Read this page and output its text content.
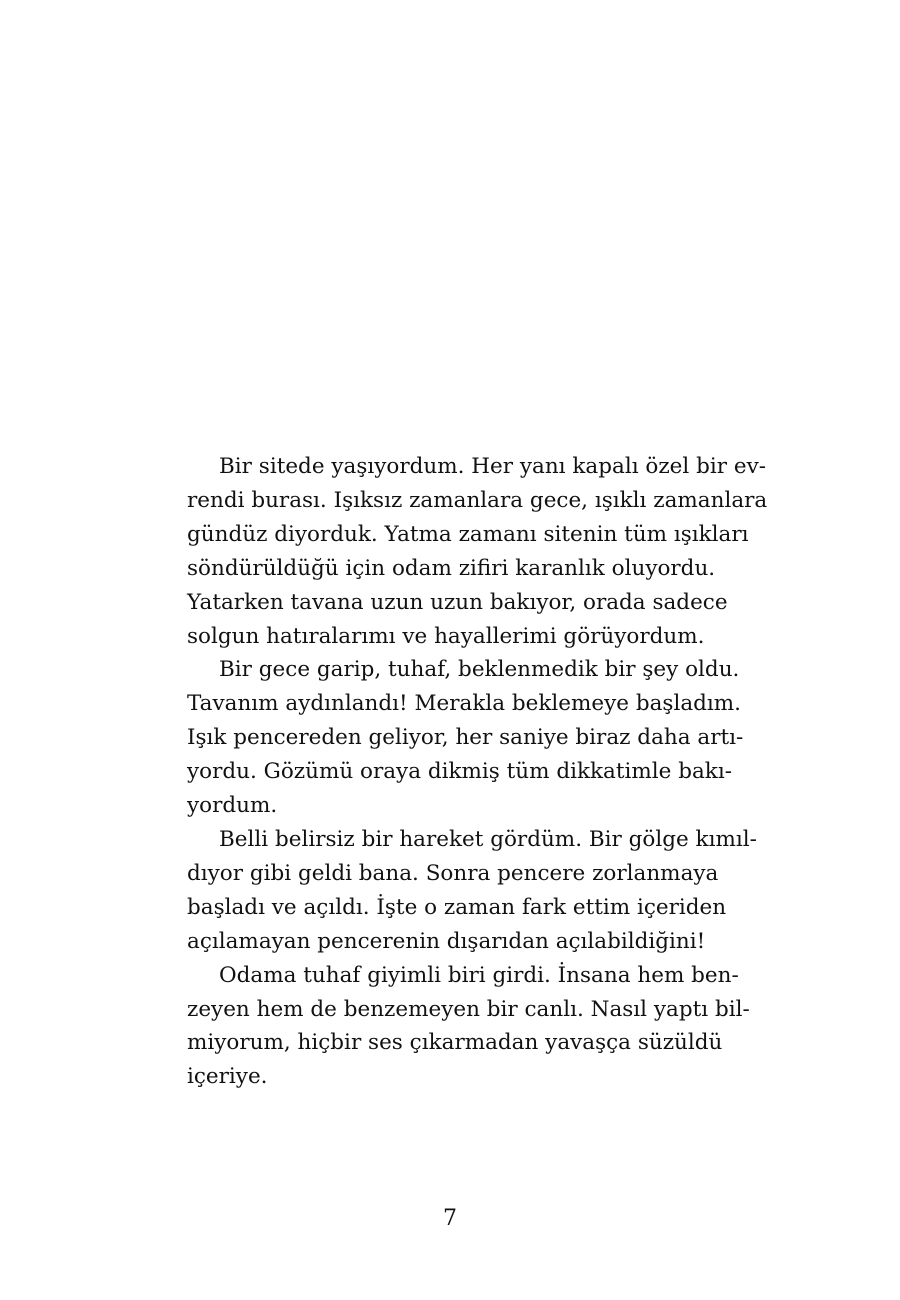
Bir sitede yaşıyordum. Her yanı kapalı özel bir ev-
rendi burası. Işıksız zamanlara gece, ışıklı zamanlara
gündüz diyorduk. Yatma zamanı sitenin tüm ışıkları
söndürüldüğü için odam zifiri karanlık oluyordu.
Yatarken tavana uzun uzun bakıyor, orada sadece
solgun hatıralarımı ve hayallerimi görüyordum.

Bir gece garip, tuhaf, beklenmedik bir şey oldu.
Tavanım aydınlandı! Merakla beklemeye başladım.
Işık pencereden geliyor, her saniye biraz daha artı-
yordu. Gözümü oraya dikmiş tüm dikkatimle bakı-
yordum.

Belli belirsiz bir hareket gördüm. Bir gölge kımıl-
dıyor gibi geldi bana. Sonra pencere zorlanmaya
başladı ve açıldı. İşte o zaman fark ettim içeriden
açılamayan pencerenin dışarıdan açılabildiğini!

Odama tuhaf giyimli biri girdi. İnsana hem ben-
zeyen hem de benzemeyen bir canlı. Nasıl yaptı bil-
miyorum, hiçbir ses çıkarmadan yavaşça süzüldü
içeriye.

7
